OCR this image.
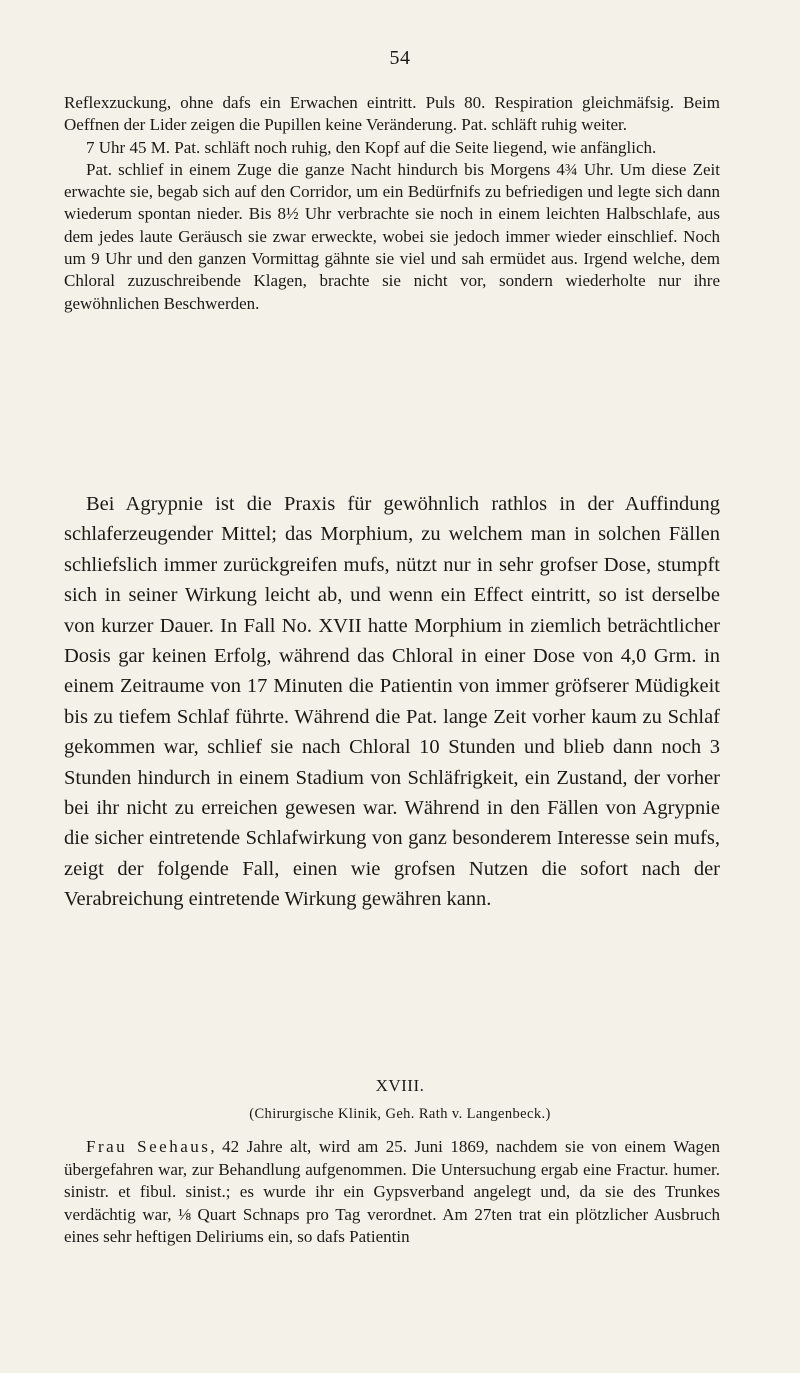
54

Reflexzuckung, ohne dafs ein Erwachen eintritt. Puls 80. Respiration gleichmäfsig. Beim Oeffnen der Lider zeigen die Pupillen keine Veränderung. Pat. schläft ruhig weiter.

7 Uhr 45 M. Pat. schläft noch ruhig, den Kopf auf die Seite liegend, wie anfänglich.

Pat. schlief in einem Zuge die ganze Nacht hindurch bis Morgens 4¾ Uhr. Um diese Zeit erwachte sie, begab sich auf den Corridor, um ein Bedürfnifs zu befriedigen und legte sich dann wiederum spontan nieder. Bis 8½ Uhr verbrachte sie noch in einem leichten Halbschlafe, aus dem jedes laute Geräusch sie zwar erweckte, wobei sie jedoch immer wieder einschlief. Noch um 9 Uhr und den ganzen Vormittag gähnte sie viel und sah ermüdet aus. Irgend welche, dem Chloral zuzuschreibende Klagen, brachte sie nicht vor, sondern wiederholte nur ihre gewöhnlichen Beschwerden.

Bei Agrypnie ist die Praxis für gewöhnlich rathlos in der Auffindung schlaferzeugender Mittel; das Morphium, zu welchem man in solchen Fällen schliefslich immer zurückgreifen mufs, nützt nur in sehr grofser Dose, stumpft sich in seiner Wirkung leicht ab, und wenn ein Effect eintritt, so ist derselbe von kurzer Dauer. In Fall No. XVII hatte Morphium in ziemlich beträchtlicher Dosis gar keinen Erfolg, während das Chloral in einer Dose von 4,0 Grm. in einem Zeitraume von 17 Minuten die Patientin von immer gröfserer Müdigkeit bis zu tiefem Schlaf führte. Während die Pat. lange Zeit vorher kaum zu Schlaf gekommen war, schlief sie nach Chloral 10 Stunden und blieb dann noch 3 Stunden hindurch in einem Stadium von Schläfrigkeit, ein Zustand, der vorher bei ihr nicht zu erreichen gewesen war. Während in den Fällen von Agrypnie die sicher eintretende Schlafwirkung von ganz besonderem Interesse sein mufs, zeigt der folgende Fall, einen wie grofsen Nutzen die sofort nach der Verabreichung eintretende Wirkung gewähren kann.

XVIII.
(Chirurgische Klinik, Geh. Rath v. Langenbeck.)

Frau Seehaus, 42 Jahre alt, wird am 25. Juni 1869, nachdem sie von einem Wagen übergefahren war, zur Behandlung aufgenommen. Die Untersuchung ergab eine Fractur. humer. sinistr. et fibul. sinist.; es wurde ihr ein Gypsverband angelegt und, da sie des Trunkes verdächtig war, ⅛ Quart Schnaps pro Tag verordnet. Am 27ten trat ein plötzlicher Ausbruch eines sehr heftigen Deliriums ein, so dafs Patientin
